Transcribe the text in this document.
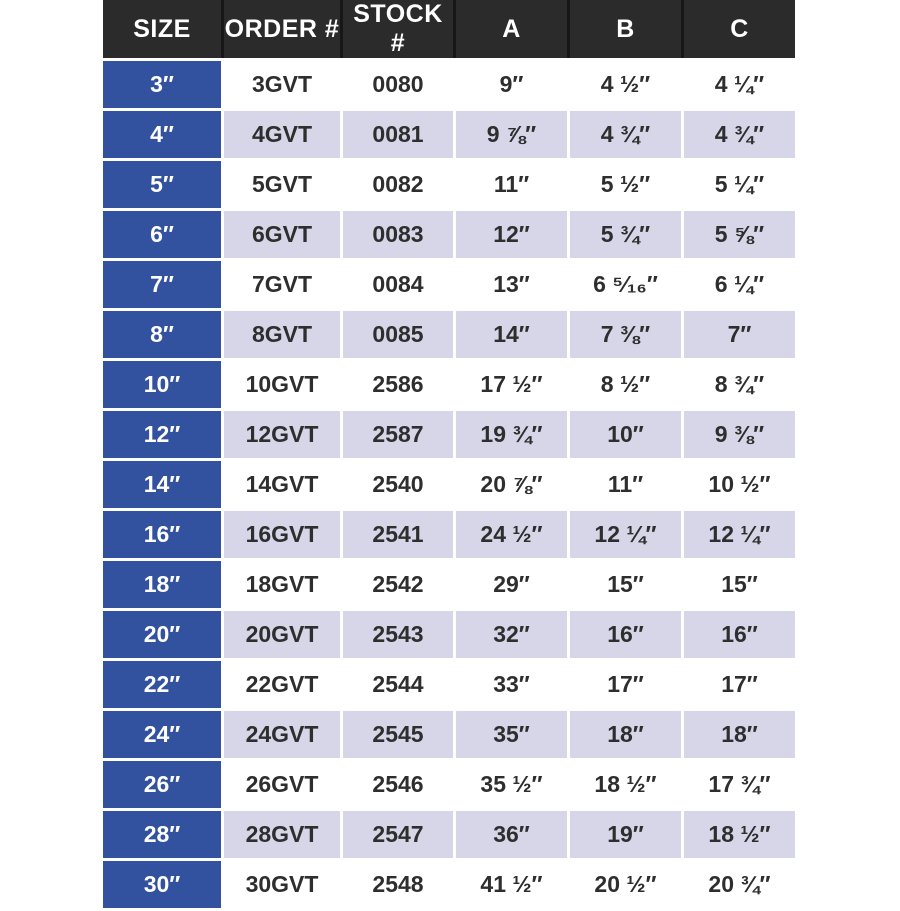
SIZE	ORDER #	STOCK #	A	B	C
3″	3GVT	0080	9″	4 ½″	4 ¼″
4″	4GVT	0081	9 ⅞″	4 ¾″	4 ¾″
5″	5GVT	0082	11″	5 ½″	5 ¼″
6″	6GVT	0083	12″	5 ¾″	5 ⅝″
7″	7GVT	0084	13″	6 ⁵⁄₁₆″	6 ¼″
8″	8GVT	0085	14″	7 ⅜″	7″
10″	10GVT	2586	17 ½″	8 ½″	8 ¾″
12″	12GVT	2587	19 ¾″	10″	9 ⅜″
14″	14GVT	2540	20 ⅞″	11″	10 ½″
16″	16GVT	2541	24 ½″	12 ¼″	12 ¼″
18″	18GVT	2542	29″	15″	15″
20″	20GVT	2543	32″	16″	16″
22″	22GVT	2544	33″	17″	17″
24″	24GVT	2545	35″	18″	18″
26″	26GVT	2546	35 ½″	18 ½″	17 ¾″
28″	28GVT	2547	36″	19″	18 ½″
30″	30GVT	2548	41 ½″	20 ½″	20 ¾″
